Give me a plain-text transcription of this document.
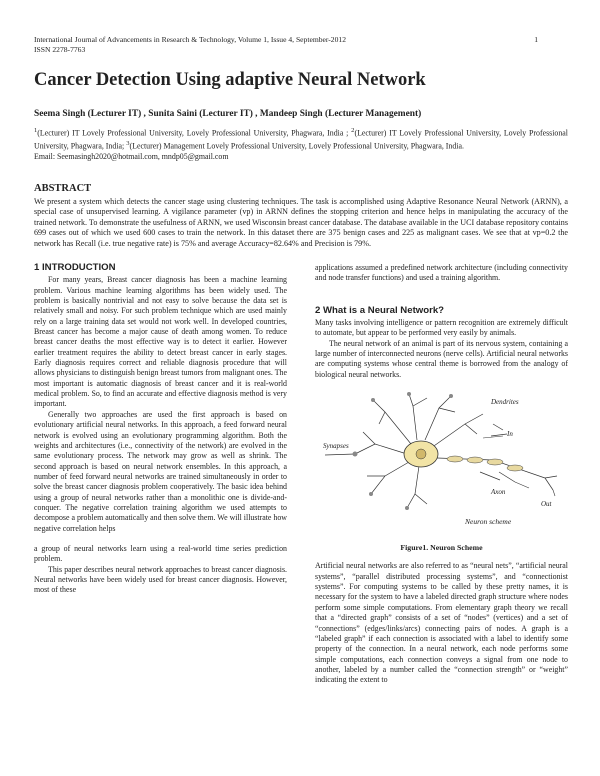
International Journal of Advancements in Research & Technology, Volume 1, Issue 4, September-2012
ISSN 2278-7763
1
Cancer Detection Using adaptive Neural Network

Seema Singh (Lecturer IT) , Sunita Saini (Lecturer IT) , Mandeep Singh (Lecturer Management)

$^1$(Lecturer) IT Lovely Professional University, Lovely Professional University, Phagwara, India ; $^2$(Lecturer) IT Lovely Professional University, Lovely Professional University, Phagwara, India; $^3$(Lecturer) Management Lovely Professional University, Lovely Professional University, Phagwara, India.
Email: Seemasingh2020@hotmail.com, mndp05@gmail.com

ABSTRACT

We present a system which detects the cancer stage using clustering techniques. The task is accomplished using Adaptive Resonance Neural Network (ARNN), a special case of unsupervised learning. A vigilance parameter (vp) in ARNN defines the stopping criterion and hence helps in manipulating the accuracy of the trained network. To demonstrate the usefulness of ARNN, we used Wisconsin breast cancer database. The database available in the UCI database repository contains 699 cases out of which we used 600 cases to train the network. In this dataset there are 375 benign cases and 225 as malignant cases. We see that at vp=0.2 the network has Recall (i.e. true negative rate) is 75% and average Accuracy=82.64% and Precision is 79%.

1 INTRODUCTION

For many years, Breast cancer diagnosis has been a machine learning problem. Various machine learning algorithms has been widely used. The problem is basically nontrivial and not easy to solve because the data set is relatively small and noisy. For such problem technique which are used mainly rely on a large training data set would not work well. In developed countries, Breast cancer has become a major cause of death among women. To reduce breast cancer deaths the most effective way is to detect it earlier. However earlier treatment requires the ability to detect breast cancer in early stages. Early diagnosis requires correct and reliable diagnosis procedure that will allows physicians to distinguish benign breast tumors from malignant ones. The most important is automatic diagnosis of breast cancer and it is real-world medical problem. So, to find an accurate and effective diagnosis method is very important.

Generally two approaches are used the first approach is based on evolutionary artificial neural networks. In this approach, a feed forward neural network is evolved using an evolutionary programming algorithm. Both the weights and architectures (i.e., connectivity of the network) are evolved in the same evolutionary process. The network may grow as well as shrink. The second approach is based on neural network ensembles. In this approach, a number of feed forward neural networks are trained simultaneously in order to solve the breast cancer diagnosis problem cooperatively. The basic idea behind using a group of neural networks rather than a monolithic one is divide-and-conquer. The negative correlation training algorithm we used attempts to decompose a problem automatically and then solve them. We will illustrate how negative correlation helps

a group of neural networks learn using a real-world time series prediction problem.

This paper describes neural network approaches to breast cancer diagnosis. Neural networks have been widely used for breast cancer diagnosis. However, most of these

applications assumed a predefined network architecture (including connectivity and node transfer functions) and used a training algorithm.

2 What is a Neural Network?

Many tasks involving intelligence or pattern recognition are extremely difficult to automate, but appear to be performed very easily by animals.

The neural network of an animal is part of its nervous system, containing a large number of interconnected neurons (nerve cells). Artificial neural networks are computing systems whose central theme is borrowed from the analogy of biological neural networks.

Dendrites
Synapses
In
Axon
Out
Neuron scheme
Figure1. Neuron Scheme

Artificial neural networks are also referred to as “neural nets”, “artificial neural systems”, “parallel distributed processing systems”, and “connectionist systems”. For computing systems to be called by these pretty names, it is necessary for the system to have a labeled directed graph structure where nodes perform some simple computations. From elementary graph theory we recall that a “directed graph” consists of a set of “nodes” (vertices) and a set of “connections” (edges/links/arcs) connecting pairs of nodes. A graph is a “labeled graph” if each connection is associated with a label to identify some property of the connection. In a neural network, each node performs some simple computations, each connection conveys a signal from one node to another, labeled by a number called the “connection strength” or “weight” indicating the extent to
